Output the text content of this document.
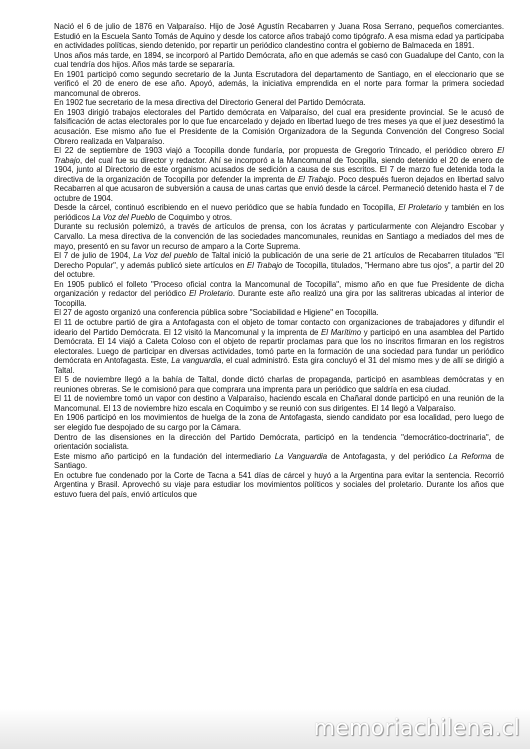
Nació el 6 de julio de 1876 en Valparaíso. Hijo de José Agustín Recabarren y Juana Rosa Serrano, pequeños comerciantes. Estudió en la Escuela Santo Tomás de Aquino y desde los catorce años trabajó como tipógrafo. A esa misma edad ya participaba en actividades políticas, siendo detenido, por repartir un periódico clandestino contra el gobierno de Balmaceda en 1891.

Unos años más tarde, en 1894, se incorporó al Partido Demócrata, año en que además se casó con Guadalupe del Canto, con la cual tendría dos hijos. Años más tarde se separaría.

En 1901 participó como segundo secretario de la Junta Escrutadora del departamento de Santiago, en el eleccionario que se verificó el 20 de enero de ese año. Apoyó, además, la iniciativa emprendida en el norte para formar la primera sociedad mancomunal de obreros.

En 1902 fue secretario de la mesa directiva del Directorio General del Partido Demócrata.

En 1903 dirigió trabajos electorales del Partido demócrata en Valparaíso, del cual era presidente provincial. Se le acusó de falsificación de actas electorales por lo que fue encarcelado y dejado en libertad luego de tres meses ya que el juez desestimó la acusación. Ese mismo año fue el Presidente de la Comisión Organizadora de la Segunda Convención del Congreso Social Obrero realizada en Valparaíso.

El 22 de septiembre de 1903 viajó a Tocopilla donde fundaría, por propuesta de Gregorio Trincado, el periódico obrero El Trabajo, del cual fue su director y redactor. Ahí se incorporó a la Mancomunal de Tocopilla, siendo detenido el 20 de enero de 1904, junto al Directorio de este organismo acusados de sedición a causa de sus escritos. El 7 de marzo fue detenida toda la directiva de la organización de Tocopilla por defender la imprenta de El Trabajo. Poco después fueron dejados en libertad salvo Recabarren al que acusaron de subversión a causa de unas cartas que envió desde la cárcel. Permaneció detenido hasta el 7 de octubre de 1904.

Desde la cárcel, continuó escribiendo en el nuevo periódico que se había fundado en Tocopilla, El Proletario y también en los periódicos La Voz del Pueblo de Coquimbo y otros.

Durante su reclusión polemizó, a través de artículos de prensa, con los ácratas y particularmente con Alejandro Escobar y Carvallo. La mesa directiva de la convención de las sociedades mancomunales, reunidas en Santiago a mediados del mes de mayo, presentó en su favor un recurso de amparo a la Corte Suprema.

El 7 de julio de 1904, La Voz del pueblo de Taltal inició la publicación de una serie de 21 artículos de Recabarren titulados "El Derecho Popular", y además publicó siete artículos en El Trabajo de Tocopilla, titulados, "Hermano abre tus ojos", a partir del 20 del octubre.

En 1905 publicó el folleto "Proceso oficial contra la Mancomunal de Tocopilla", mismo año en que fue Presidente de dicha organización y redactor del periódico El Proletario. Durante este año realizó una gira por las salitreras ubicadas al interior de Tocopilla.

El 27 de agosto organizó una conferencia pública sobre "Sociabilidad e Higiene" en Tocopilla.

El 11 de octubre partió de gira a Antofagasta con el objeto de tomar contacto con organizaciones de trabajadores y difundir el ideario del Partido Demócrata. El 12 visitó la Mancomunal y la imprenta de El Marítimo y participó en una asamblea del Partido Demócrata. El 14 viajó a Caleta Coloso con el objeto de repartir proclamas para que los no inscritos firmaran en los registros electorales. Luego de participar en diversas actividades, tomó parte en la formación de una sociedad para fundar un periódico demócrata en Antofagasta. Este, La vanguardia, el cual administró. Esta gira concluyó el 31 del mismo mes y de allí se dirigió a Taltal.

El 5 de noviembre llegó a la bahía de Taltal, donde dictó charlas de propaganda, participó en asambleas demócratas y en reuniones obreras. Se le comisionó para que comprara una imprenta para un periódico que saldría en esa ciudad.

El 11 de noviembre tomó un vapor con destino a Valparaíso, haciendo escala en Chañaral donde participó en una reunión de la Mancomunal. El 13 de noviembre hizo escala en Coquimbo y se reunió con sus dirigentes. El 14 llegó a Valparaíso.

En 1906 participó en los movimientos de huelga de la zona de Antofagasta, siendo candidato por esa localidad, pero luego de ser elegido fue despojado de su cargo por la Cámara.

Dentro de las disensiones en la dirección del Partido Demócrata, participó en la tendencia "democrático-doctrinaria", de orientación socialista.

Este mismo año participó en la fundación del intermediario La Vanguardia de Antofagasta, y del periódico La Reforma de Santiago.

En octubre fue condenado por la Corte de Tacna a 541 días de cárcel y huyó a la Argentina para evitar la sentencia. Recorrió Argentina y Brasil. Aprovechó su viaje para estudiar los movimientos políticos y sociales del proletario. Durante los años que estuvo fuera del país, envió artículos que

memoriachilena.cl
